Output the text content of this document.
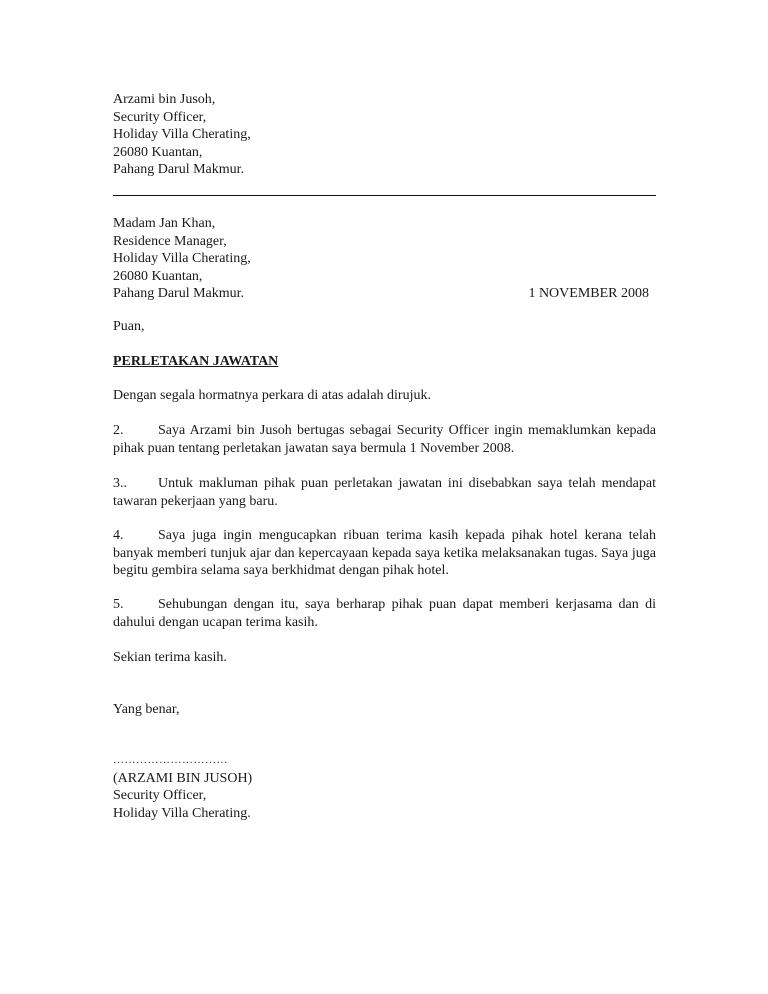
Arzami bin Jusoh,
Security Officer,
Holiday Villa Cherating,
26080 Kuantan,
Pahang Darul Makmur.
Madam Jan Khan,
Residence Manager,
Holiday Villa Cherating,
26080 Kuantan,
Pahang Darul Makmur.	1 NOVEMBER 2008
Puan,
PERLETAKAN JAWATAN
Dengan segala hormatnya perkara di atas adalah dirujuk.
2. Saya Arzami bin Jusoh bertugas sebagai Security Officer ingin memaklumkan kepada pihak puan tentang perletakan jawatan saya bermula 1 November 2008.
3.. Untuk makluman pihak puan perletakan jawatan ini disebabkan saya telah mendapat tawaran pekerjaan yang baru.
4. Saya juga ingin mengucapkan ribuan terima kasih kepada pihak hotel kerana telah banyak memberi tunjuk ajar dan kepercayaan kepada saya ketika melaksanakan tugas. Saya juga begitu gembira selama saya berkhidmat dengan pihak hotel.
5. Sehubungan dengan itu, saya berharap pihak puan dapat memberi kerjasama dan di dahului dengan ucapan terima kasih.
Sekian terima kasih.
Yang benar,
…………………………
(ARZAMI BIN JUSOH)
Security Officer,
Holiday Villa Cherating.
